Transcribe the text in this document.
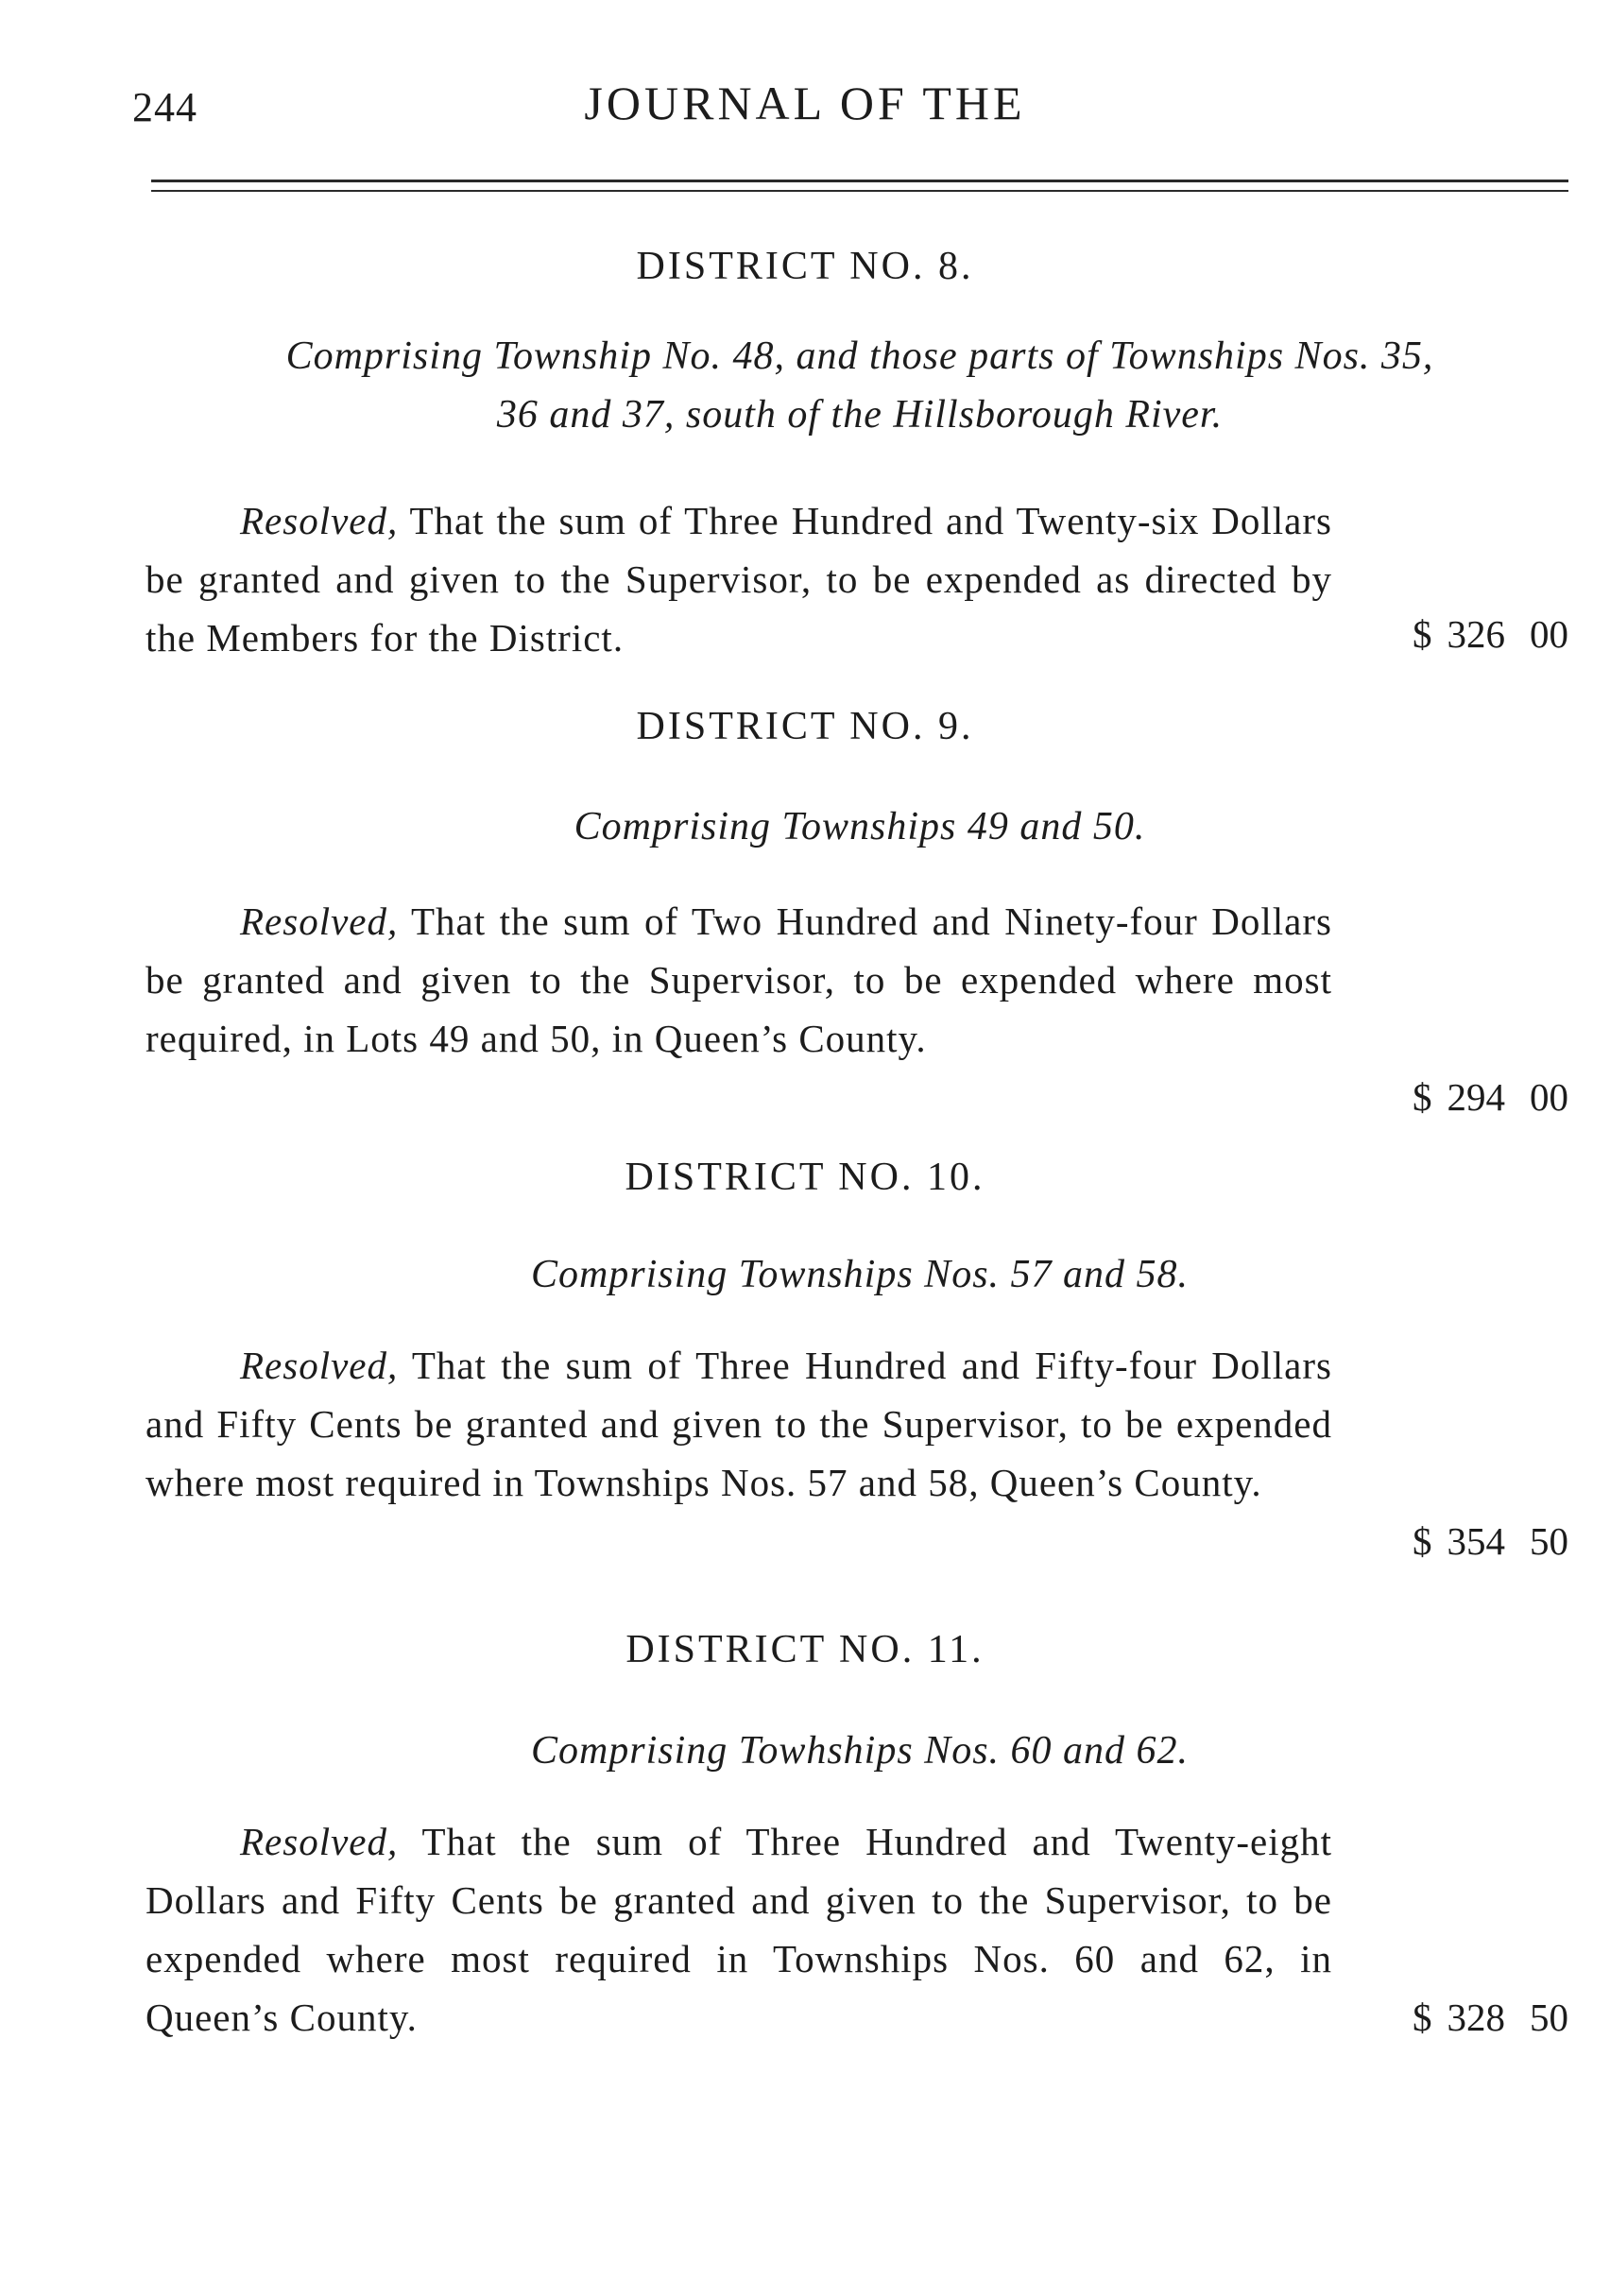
244	JOURNAL OF THE
DISTRICT NO. 8.
Comprising Township No. 48, and those parts of Townships Nos. 35,
36 and 37, south of the Hillsborough River.
Resolved, That the sum of Three Hundred and Twenty-six Dollars be granted and given to the Supervisor, to be expended as directed by the Members for the District.	$ 326 00
DISTRICT NO. 9.
Comprising Townships 49 and 50.
Resolved, That the sum of Two Hundred and Ninety-four Dollars be granted and given to the Supervisor, to be expended where most required, in Lots 49 and 50, in Queen’s County.
$ 294 00
DISTRICT NO. 10.
Comprising Townships Nos. 57 and 58.
Resolved, That the sum of Three Hundred and Fifty-four Dollars and Fifty Cents be granted and given to the Supervisor, to be expended where most required in Townships Nos. 57 and 58, Queen’s County.
$ 354 50
DISTRICT NO. 11.
Comprising Towhships Nos. 60 and 62.
Resolved, That the sum of Three Hundred and Twenty-eight Dollars and Fifty Cents be granted and given to the Supervisor, to be expended where most required in Townships Nos. 60 and 62, in Queen’s County.	$ 328 50
